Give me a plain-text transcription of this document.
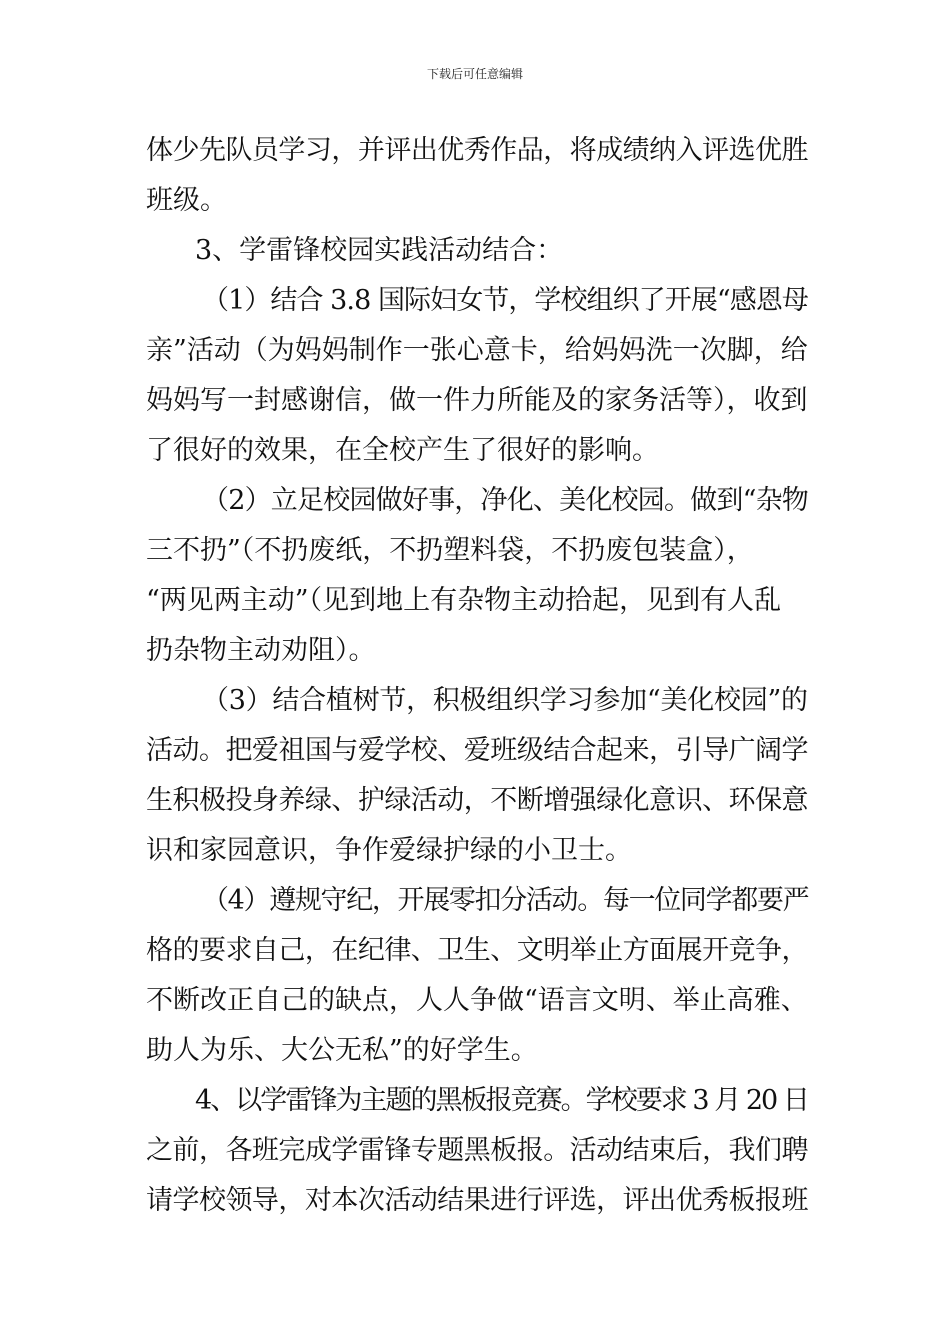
下载后可任意编辑
体少先队员学习，并评出优秀作品，将成绩纳入评选优胜
班级。
3、学雷锋校园实践活动结合：
（1）结合 3.8 国际妇女节，学校组织了开展“感恩母
亲”活动（为妈妈制作一张心意卡，给妈妈洗一次脚，给
妈妈写一封感谢信，做一件力所能及的家务活等），收到
了很好的效果，在全校产生了很好的影响。
（2）立足校园做好事，净化、美化校园。做到“杂物
三不扔”（不扔废纸，不扔塑料袋，不扔废包装盒），
“两见两主动”（见到地上有杂物主动拾起，见到有人乱
扔杂物主动劝阻）。
（3）结合植树节，积极组织学习参加“美化校园”的
活动。把爱祖国与爱学校、爱班级结合起来，引导广阔学
生积极投身养绿、护绿活动，不断增强绿化意识、环保意
识和家园意识，争作爱绿护绿的小卫士。
（4）遵规守纪，开展零扣分活动。每一位同学都要严
格的要求自己，在纪律、卫生、文明举止方面展开竞争，
不断改正自己的缺点，人人争做“语言文明、举止高雅、
助人为乐、大公无私”的好学生。
4、以学雷锋为主题的黑板报竞赛。学校要求 3 月 20 日
之前，各班完成学雷锋专题黑板报。活动结束后，我们聘
请学校领导，对本次活动结果进行评选，评出优秀板报班
